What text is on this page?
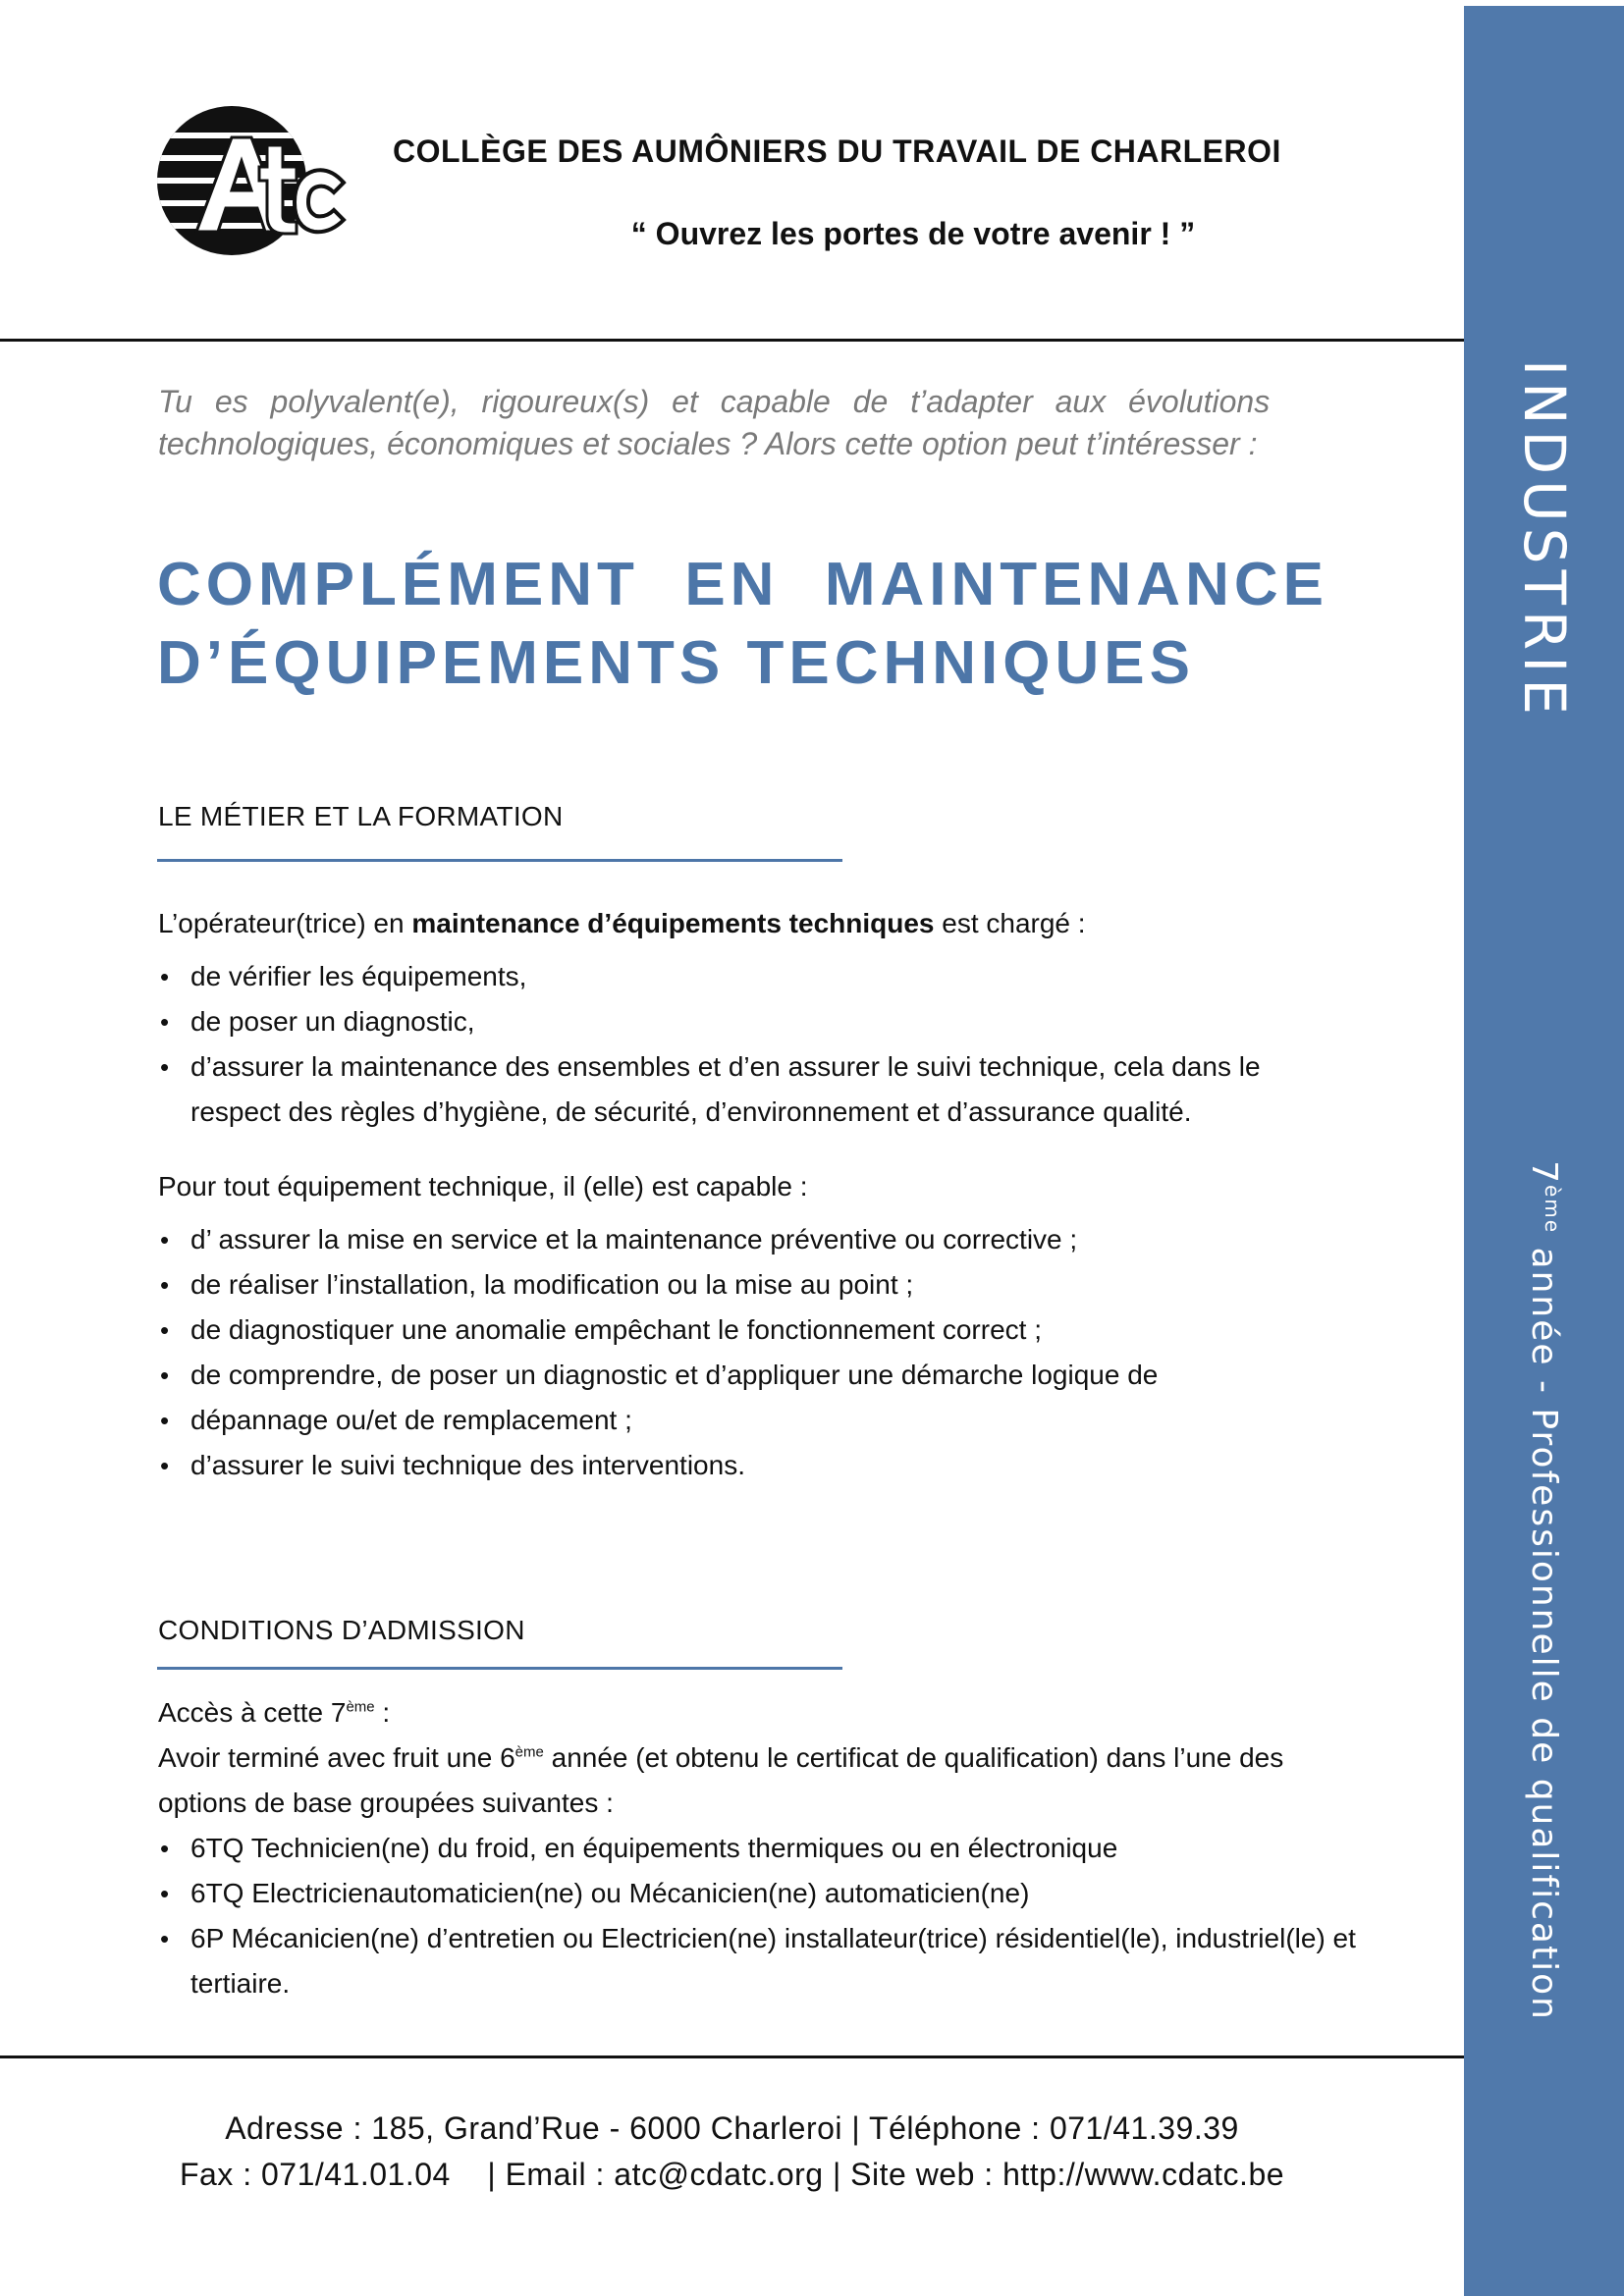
INDUSTRIE
7ème année - Professionnelle de qualification
COLLÈGE DES AUMÔNIERS DU TRAVAIL DE CHARLEROI
“ Ouvrez les portes de votre avenir ! ”
Tu es polyvalent(e), rigoureux(s) et capable de t’adapter aux évolutions
technologiques, économiques et sociales ? Alors cette option peut t’intéresser :
COMPLÉMENT EN MAINTENANCE
D’ÉQUIPEMENTS TECHNIQUES
LE MÉTIER ET LA FORMATION

L’opérateur(trice) en maintenance d’équipements techniques est chargé :

• de vérifier les équipements,
• de poser un diagnostic,
• d’assurer la maintenance des ensembles et d’en assurer le suivi technique, cela dans le respect des règles d’hygiène, de sécurité, d’environnement et d’assurance qualité.

Pour tout équipement technique, il (elle) est capable :

• d’ assurer la mise en service et la maintenance préventive ou corrective ;
• de réaliser l’installation, la modification ou la mise au point ;
• de diagnostiquer une anomalie empêchant le fonctionnement correct ;
• de comprendre, de poser un diagnostic et d’appliquer une démarche logique de
• dépannage ou/et de remplacement ;
• d’assurer le suivi technique des interventions.
CONDITIONS D’ADMISSION

Accès à cette 7ème :

Avoir terminé avec fruit une 6ème année (et obtenu le certificat de qualification) dans l’une des options de base groupées suivantes :

• 6TQ Technicien(ne) du froid, en équipements thermiques ou en électronique
• 6TQ Electricienautomaticien(ne) ou Mécanicien(ne) automaticien(ne)
• 6P Mécanicien(ne) d’entretien ou Electricien(ne) installateur(trice) résidentiel(le), industriel(le) et tertiaire.
Adresse : 185, Grand’Rue - 6000 Charleroi | Téléphone : 071/41.39.39
Fax : 071/41.01.04    | Email : atc@cdatc.org | Site web : http://www.cdatc.be
